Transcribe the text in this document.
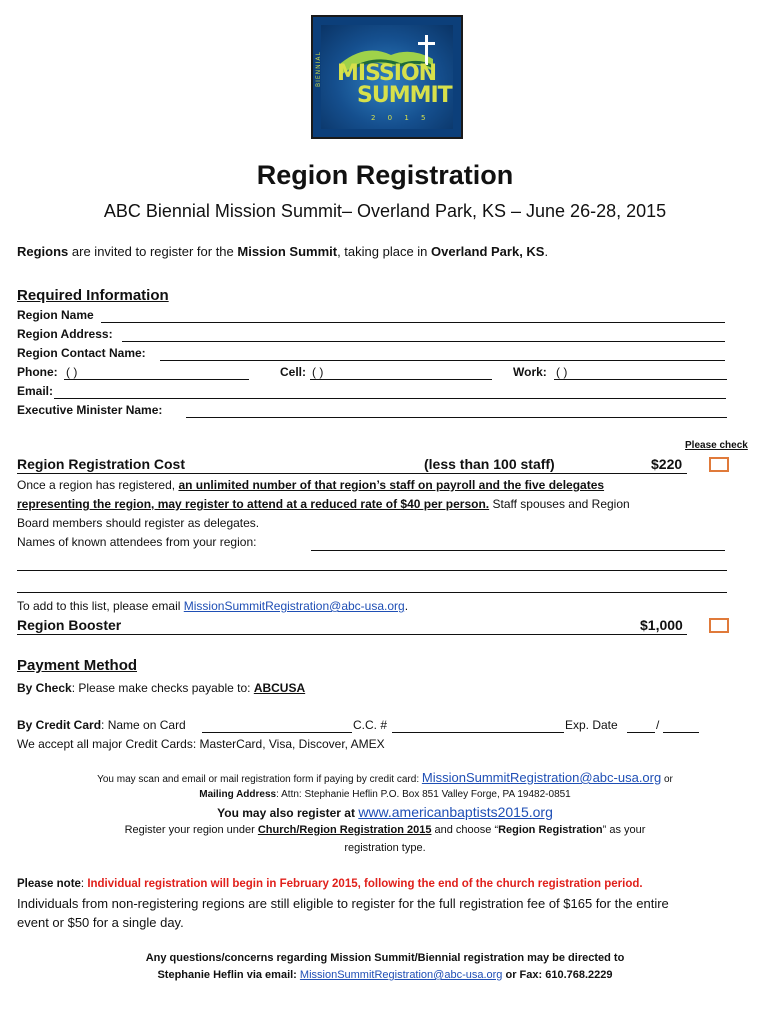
BIENNIAL MISSION
SUMMIT
2 0 1 5
Region Registration
ABC Biennial Mission Summit– Overland Park, KS – June 26-28, 2015
Regions are invited to register for the Mission Summit, taking place in Overland Park, KS.
Required Information
Region Name
Region Address:
Region Contact Name:
Phone: ( )	Cell: ( )	Work: ( )
Email:
Executive Minister Name:
Please check
Region Registration Cost	(less than 100 staff)	$220
Once a region has registered, an unlimited number of that region’s staff on payroll and the five delegates
representing the region, may register to attend at a reduced rate of $40 per person. Staff spouses and Region
Board members should register as delegates.
Names of known attendees from your region:
To add to this list, please email MissionSummitRegistration@abc-usa.org.
Region Booster	$1,000
Payment Method
By Check: Please make checks payable to: ABCUSA
By Credit Card: Name on Card	C.C. #	Exp. Date	/
We accept all major Credit Cards: MasterCard, Visa, Discover, AMEX
You may scan and email or mail registration form if paying by credit card: MissionSummitRegistration@abc-usa.org or
Mailing Address: Attn: Stephanie Heflin P.O. Box 851 Valley Forge, PA 19482-0851
You may also register at www.americanbaptists2015.org
Register your region under Church/Region Registration 2015 and choose “Region Registration” as your
registration type.
Please note: Individual registration will begin in February 2015, following the end of the church registration period.
Individuals from non-registering regions are still eligible to register for the full registration fee of $165 for the entire
event or $50 for a single day.
Any questions/concerns regarding Mission Summit/Biennial registration may be directed to
Stephanie Heflin via email: MissionSummitRegistration@abc-usa.org or Fax: 610.768.2229
